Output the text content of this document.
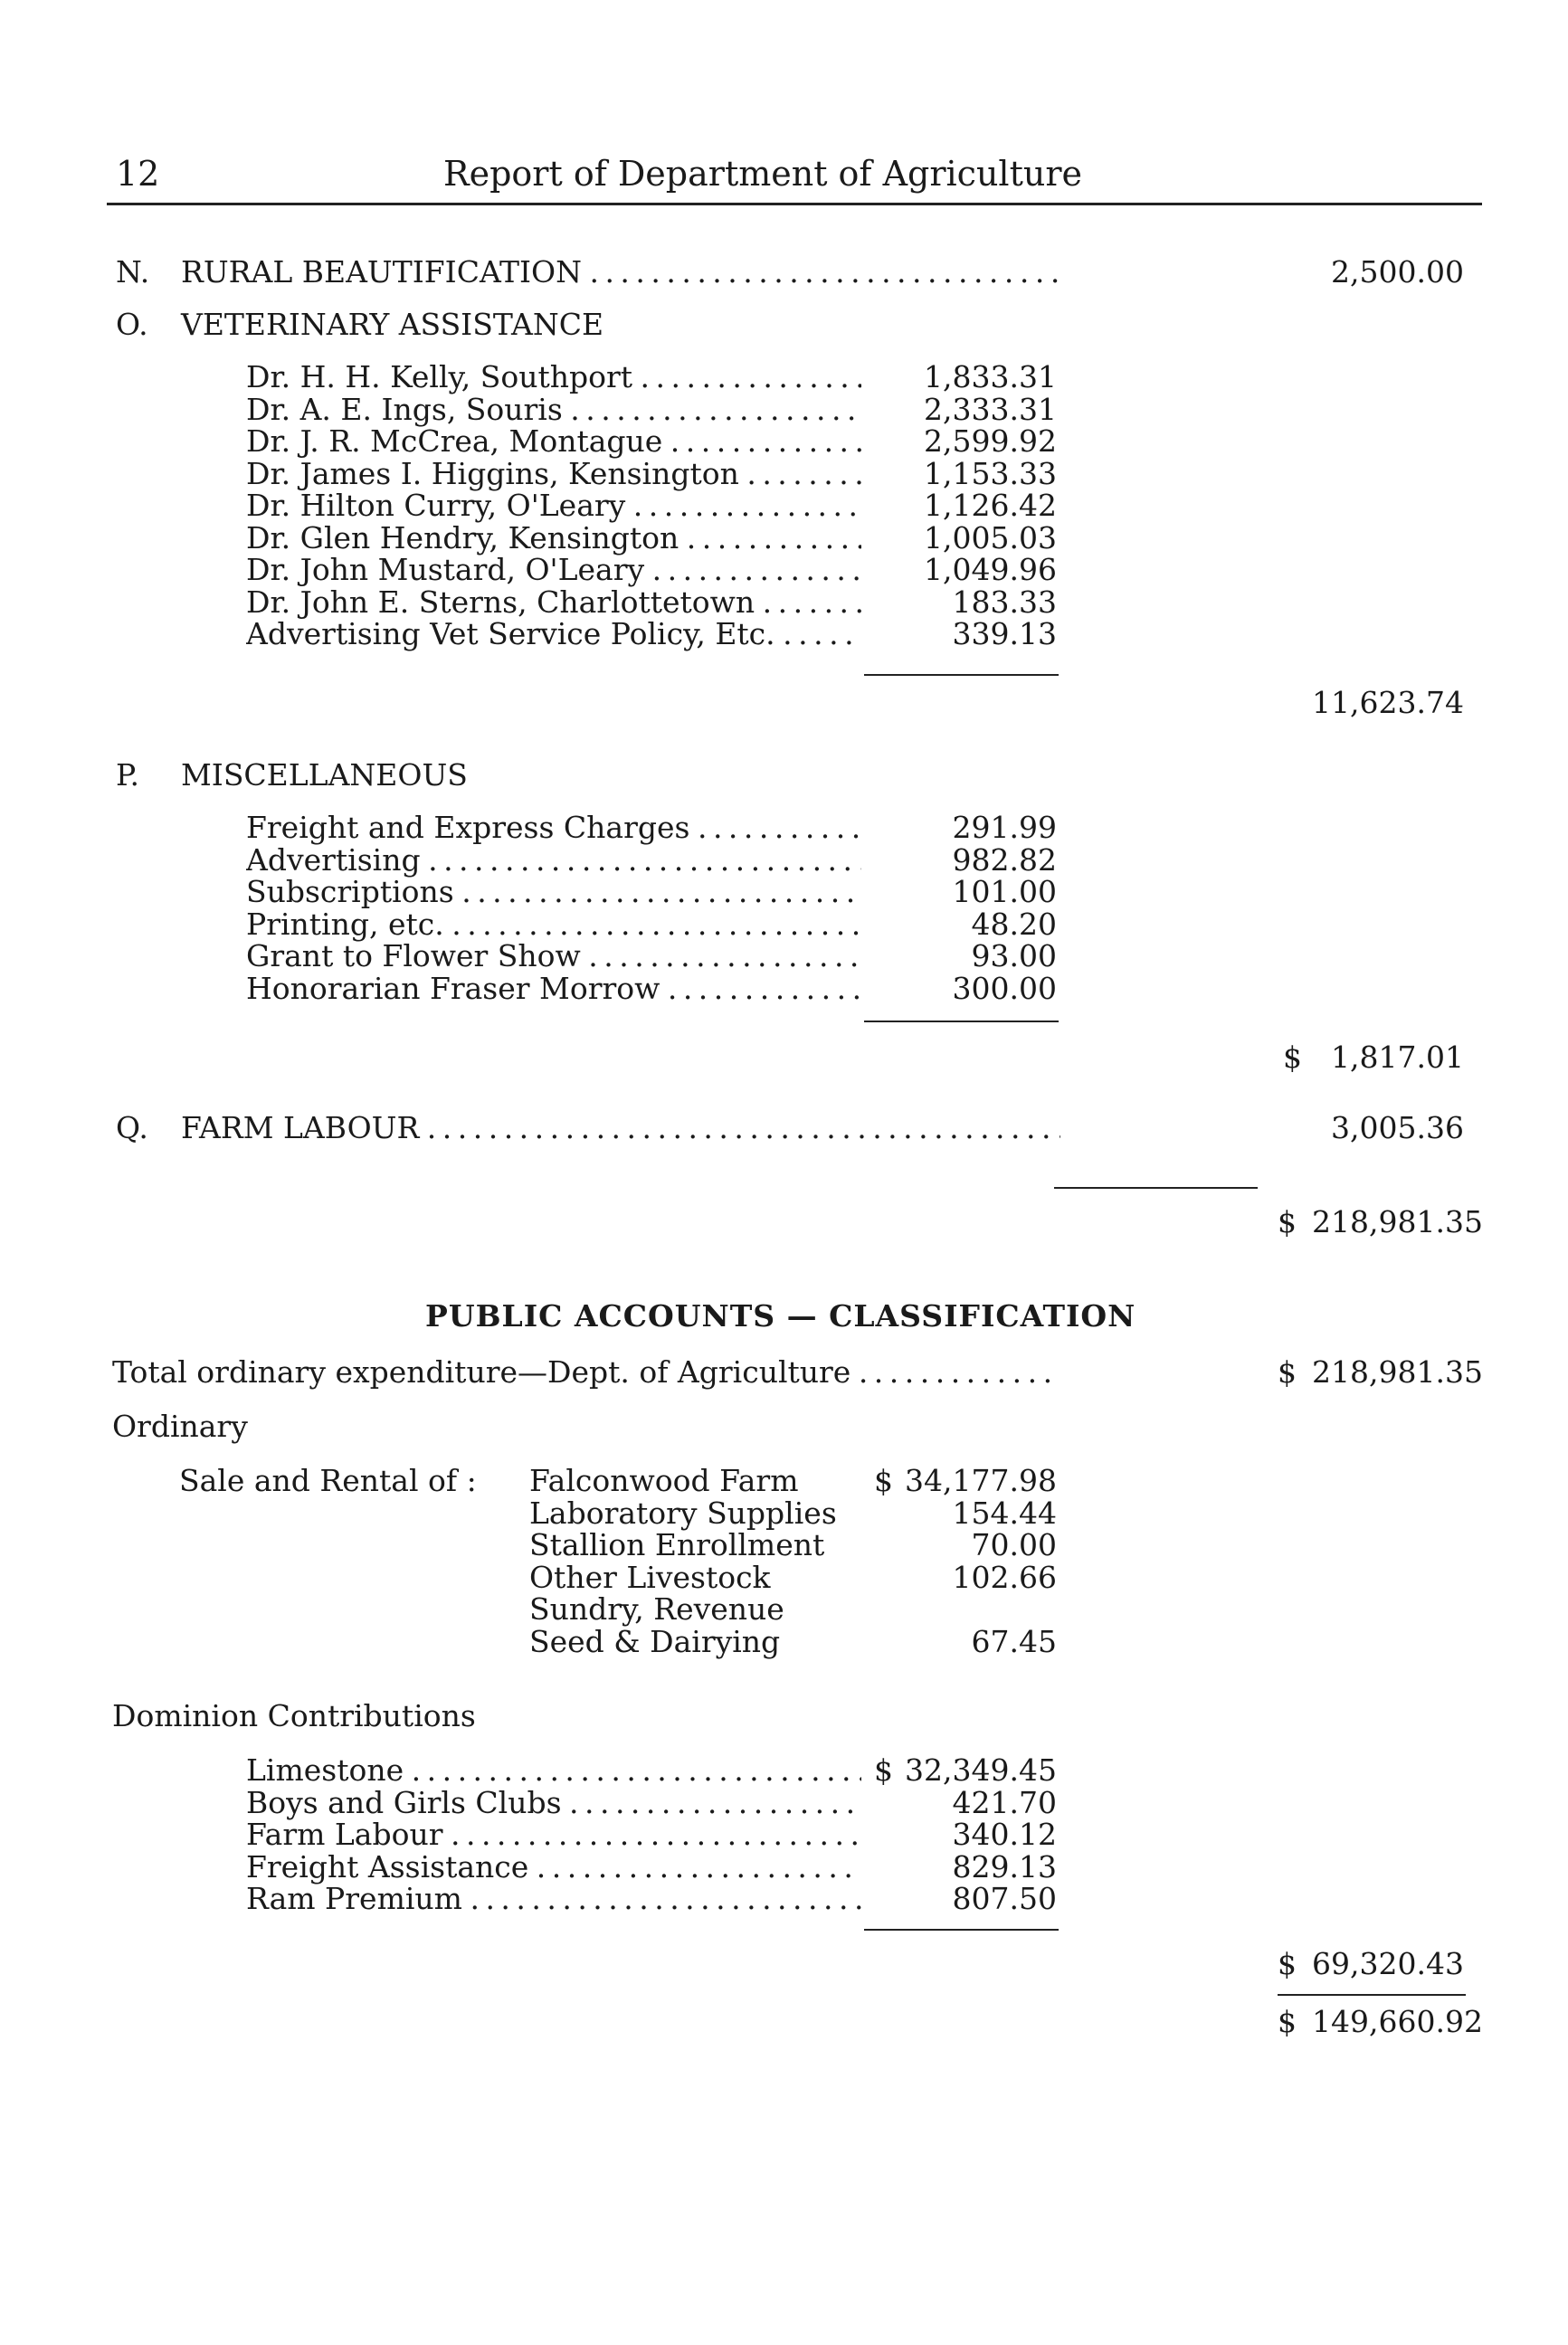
12	Report of Department of Agriculture
N. RURAL BEAUTIFICATION . . .	2,500.00
O. VETERINARY ASSISTANCE
Dr. H. H. Kelly, Southport . . .	1,833.31
Dr. A. E. Ings, Souris . . .	2,333.31
Dr. J. R. McCrea, Montague . . .	2,599.92
Dr. James I. Higgins, Kensington . . .	1,153.33
Dr. Hilton Curry, O'Leary . . .	1,126.42
Dr. Glen Hendry, Kensington . . .	1,005.03
Dr. John Mustard, O'Leary . . .	1,049.96
Dr. John E. Sterns, Charlottetown . . .	183.33
Advertising Vet Service Policy, Etc. . . .	339.13
11,623.74
P. MISCELLANEOUS
Freight and Express Charges . . .	291.99
Advertising . . .	982.82
Subscriptions . . .	101.00
Printing, etc. . . .	48.20
Grant to Flower Show . . .	93.00
Honorarian Fraser Morrow . . .	300.00
$ 1,817.01
Q. FARM LABOUR . . .	3,005.36
$ 218,981.35
PUBLIC ACCOUNTS — CLASSIFICATION
Total ordinary expenditure—Dept. of Agriculture . . .	$ 218,981.35
Ordinary
Sale and Rental of : Falconwood Farm	$ 34,177.98
Laboratory Supplies	154.44
Stallion Enrollment	70.00
Other Livestock	102.66
Sundry, Revenue
Seed & Dairying	67.45
Dominion Contributions
Limestone . . .	$ 32,349.45
Boys and Girls Clubs . . .	421.70
Farm Labour . . .	340.12
Freight Assistance . . .	829.13
Ram Premium . . .	807.50
$ 69,320.43
$ 149,660.92
